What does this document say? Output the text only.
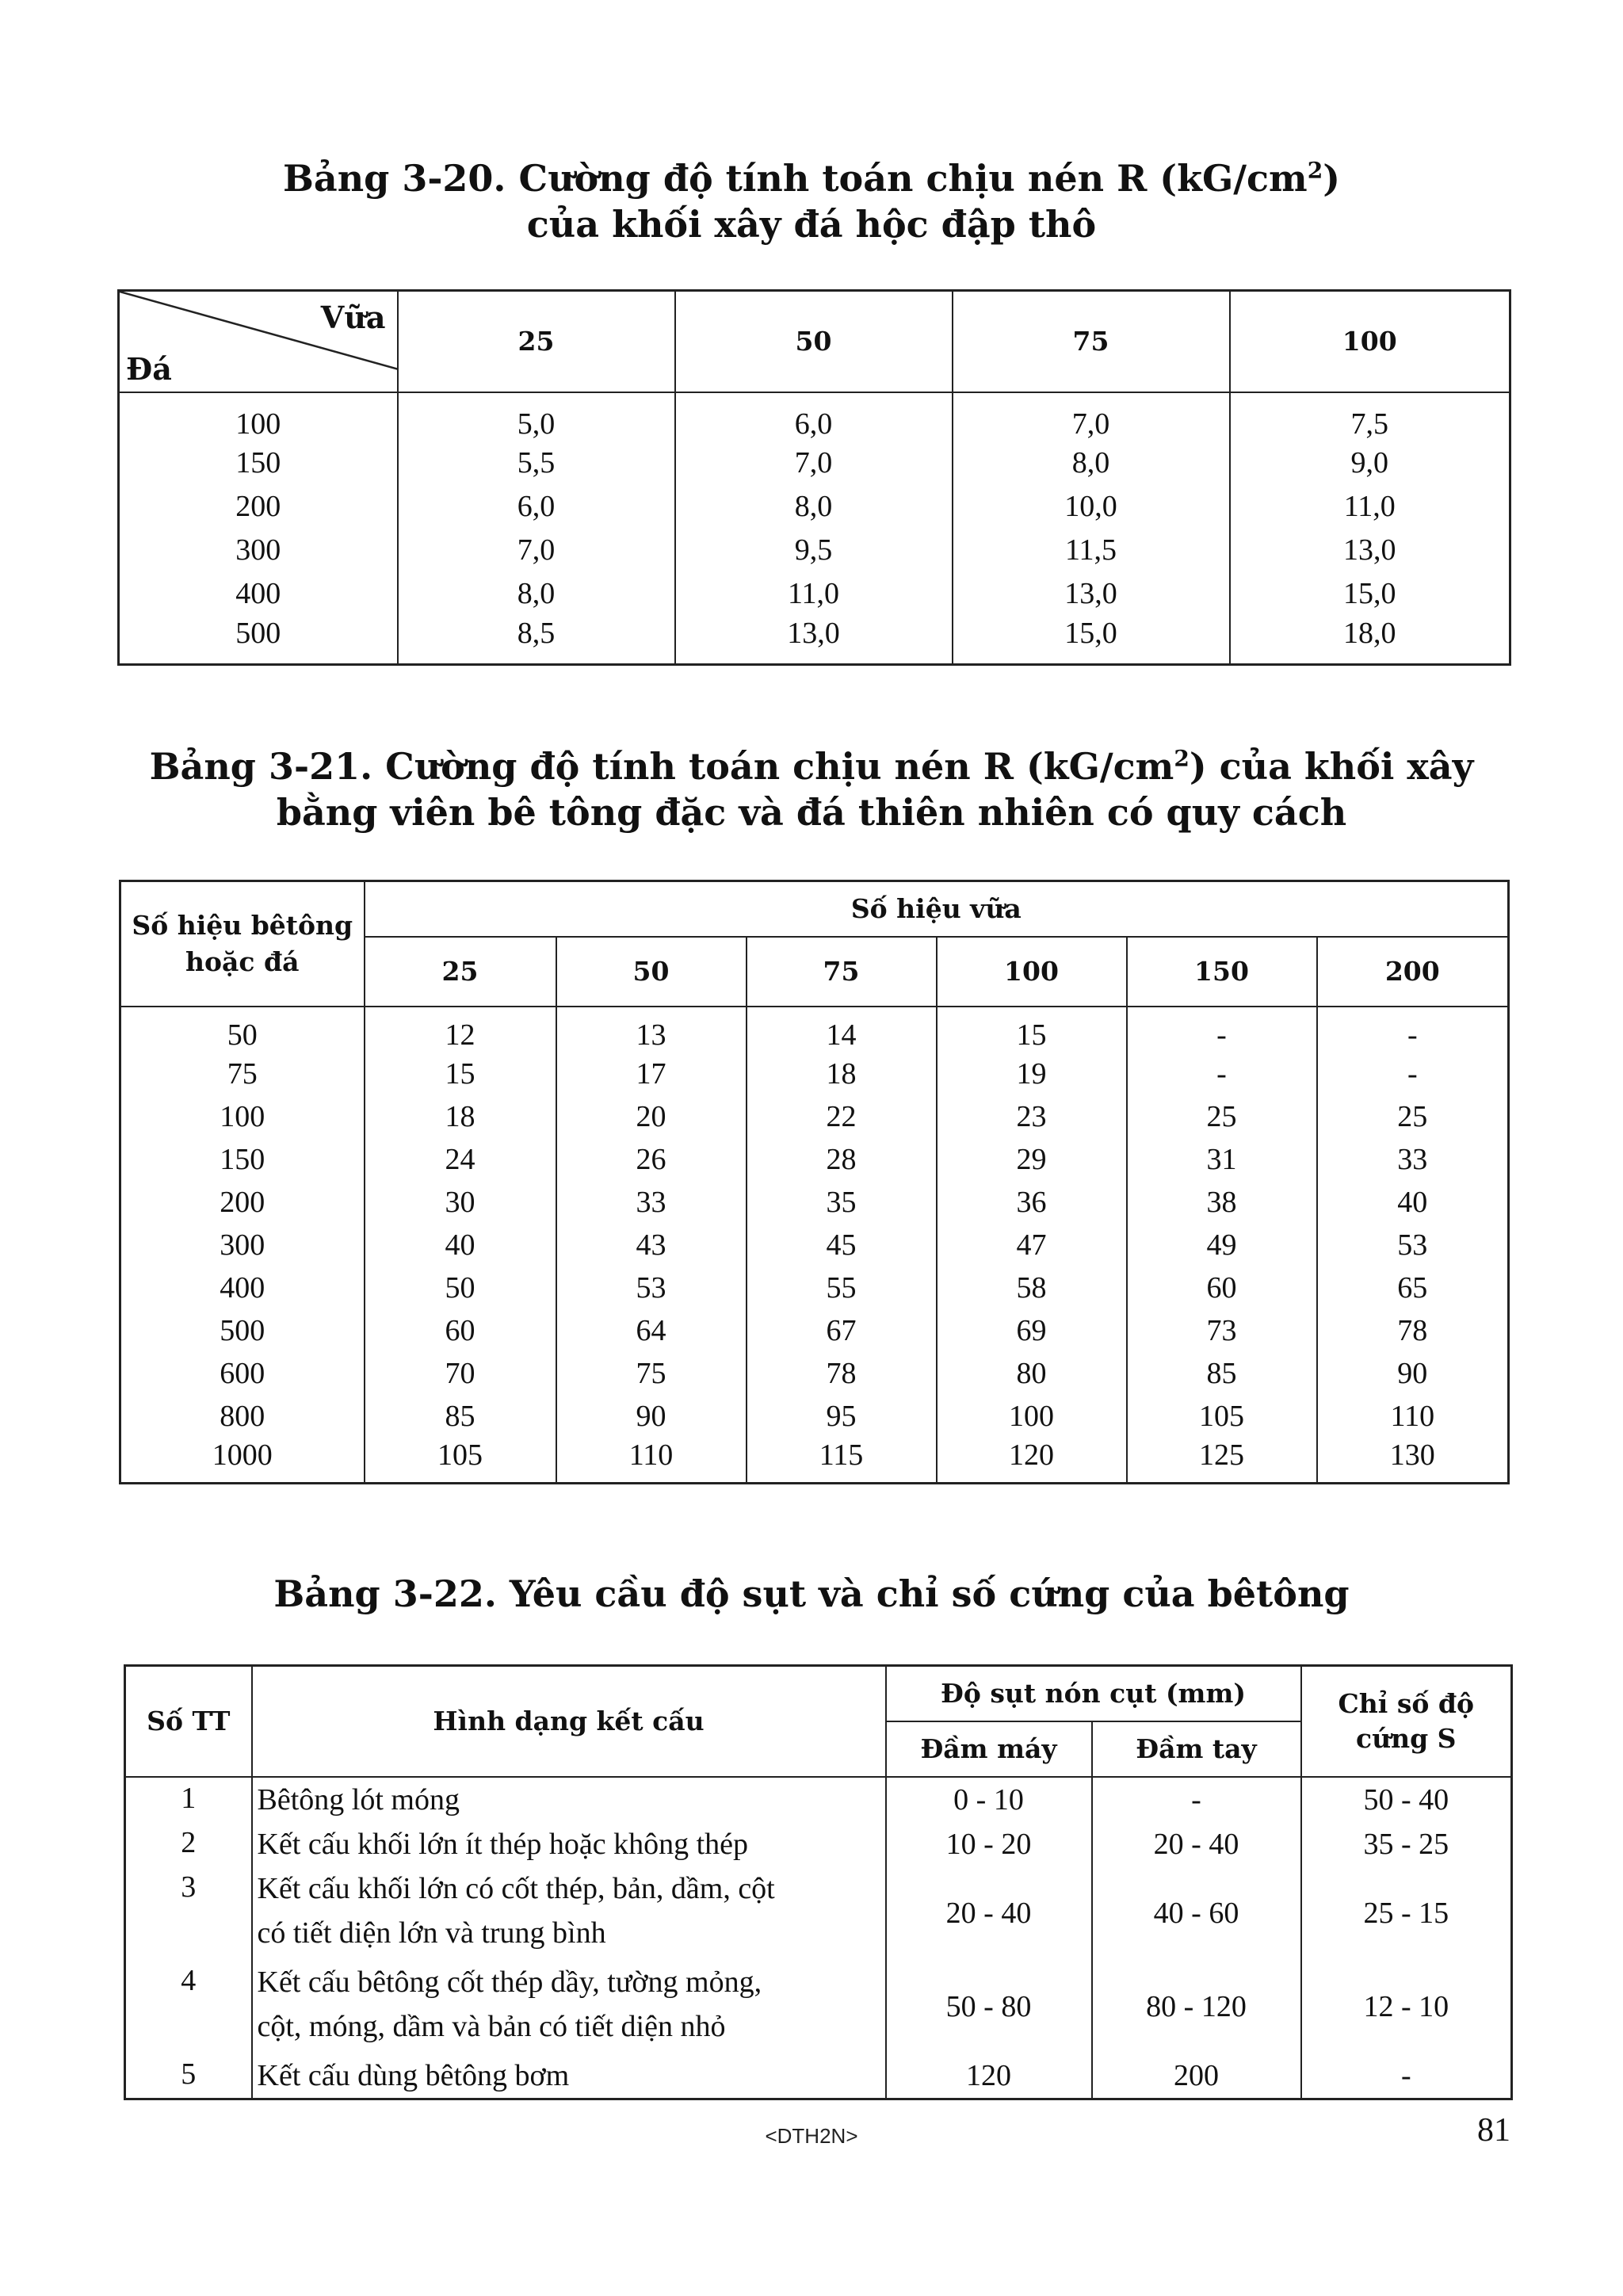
Bảng 3-20. Cường độ tính toán chịu nén R $(kG/cm^2)$
của khối xây đá hộc đập thô
Vữa
Đá	25	50	75	100
100	5,0	6,0	7,0	7,5
150	5,5	7,0	8,0	9,0
200	6,0	8,0	10,0	11,0
300	7,0	9,5	11,5	13,0
400	8,0	11,0	13,0	15,0
500	8,5	13,0	15,0	18,0
Bảng 3-21. Cường độ tính toán chịu nén R $(kG/cm^2)$ của khối xây
bằng viên bê tông đặc và đá thiên nhiên có quy cách
Số hiệu bêtông hoặc đá	Số hiệu vữa					
	25	50	75	100	150	200
50	12	13	14	15	-	-
75	15	17	18	19	-	-
100	18	20	22	23	25	25
150	24	26	28	29	31	33
200	30	33	35	36	38	40
300	40	43	45	47	49	53
400	50	53	55	58	60	65
500	60	64	67	69	73	78
600	70	75	78	80	85	90
800	85	90	95	100	105	110
1000	105	110	115	120	125	130
Bảng 3-22. Yêu cầu độ sụt và chỉ số cứng của bêtông
Số TT	Hình dạng kết cấu	Độ sụt nón cụt (mm)		Chỉ số độ cứng S
		Đầm máy	Đầm tay	
1	Bêtông lót móng	0 - 10	-	50 - 40
2	Kết cấu khối lớn ít thép hoặc không thép	10 - 20	20 - 40	35 - 25
3	Kết cấu khối lớn có cốt thép, bản, dầm, cột
có tiết diện lớn và trung bình	20 - 40	40 - 60	25 - 15
4	Kết cấu bêtông cốt thép dầy, tường mỏng,
cột, móng, dầm và bản có tiết diện nhỏ	50 - 80	80 - 120	12 - 10
5	Kết cấu dùng bêtông bơm	120	200	-
<DTH2N>	81
